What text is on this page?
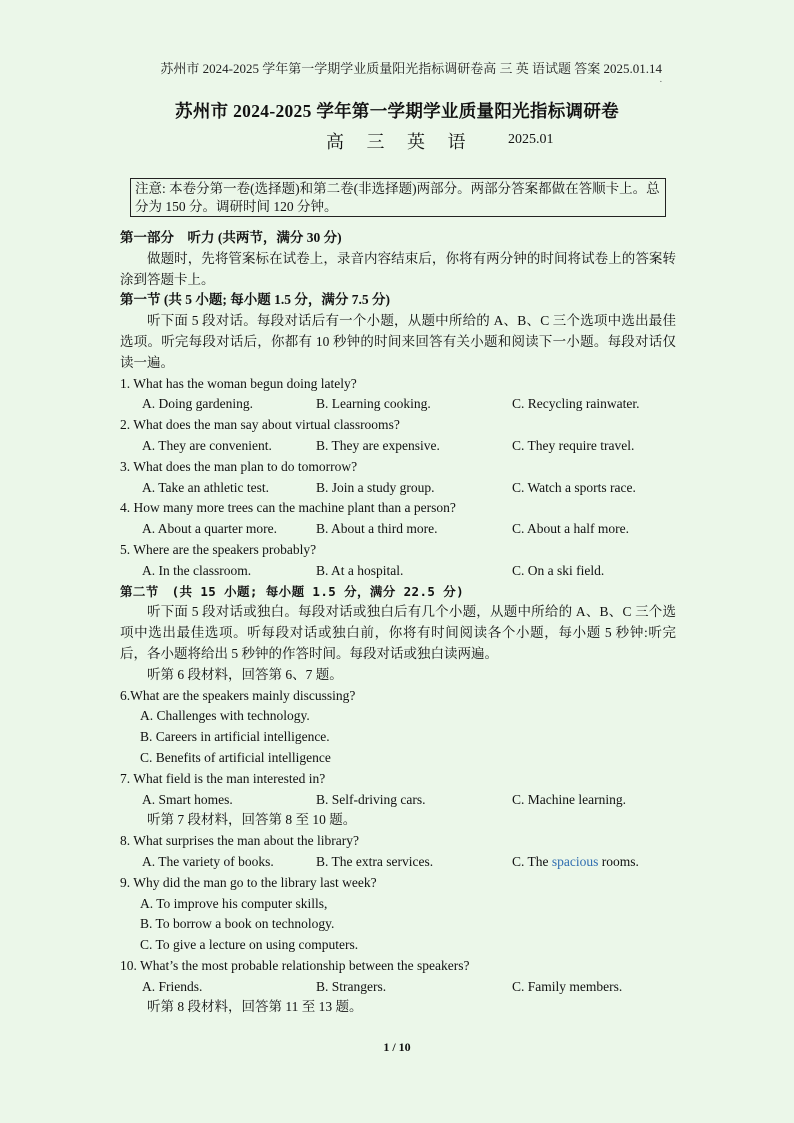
苏州市 2024-2025 学年第一学期学业质量阳光指标调研卷高 三 英 语试题 答案 2025.01.14
.
苏州市 2024-2025 学年第一学期学业质量阳光指标调研卷
高 三 英 语 2025.01
注意: 本卷分第一卷(选择题)和第二卷(非选择题)两部分。两部分答案都做在答顺卡上。总分为 150 分。调研时间 120 分钟。
第一部分　听力 (共两节，满分 30 分)
做题时，先将管案标在试卷上，录音内容结束后，你将有两分钟的时间将试卷上的答案转涂到答题卡上。
第一节 (共 5 小题; 每小题 1.5 分，满分 7.5 分)
听下面 5 段对话。每段对话后有一个小题，从题中所给的 A、B、C 三个选项中选出最佳选项。听完每段对话后，你都有 10 秒钟的时间来回答有关小题和阅读下一小题。每段对话仅读一遍。
1. What has the woman begun doing lately?
A. Doing gardening.	B. Learning cooking.	C. Recycling rainwater.
2. What does the man say about virtual classrooms?
A. They are convenient.	B. They are expensive.	C. They require travel.
3. What does the man plan to do tomorrow?
A. Take an athletic test.	B. Join a study group.	C. Watch a sports race.
4. How many more trees can the machine plant than a person?
A. About a quarter more.	B. About a third more.	C. About a half more.
5. Where are the speakers probably?
A. In the classroom.	B. At a hospital.	C. On a ski field.
第二节　(共 15 小题; 每小题 1.5 分，满分 22.5 分)
听下面 5 段对话或独白。每段对话或独白后有几个小题，从题中所给的 A、B、C 三个选项中选出最佳选项。听每段对话或独白前，你将有时间阅读各个小题，每小题 5 秒钟:听完后，各小题将给出 5 秒钟的作答时间。每段对话或独白读两遍。
听第 6 段材料，回答第 6、7 题。
6.What are the speakers mainly discussing?
A. Challenges with technology.
B. Careers in artificial intelligence.
C. Benefits of artificial intelligence
7. What field is the man interested in?
A. Smart homes.	B. Self-driving cars.	C. Machine learning.
听第 7 段材料，回答第 8 至 10 题。
8. What surprises the man about the library?
A. The variety of books.	B. The extra services.	C. The spacious rooms.
9. Why did the man go to the library last week?
A. To improve his computer skills,
B. To borrow a book on technology.
C. To give a lecture on using computers.
10. What’s the most probable relationship between the speakers?
A. Friends.	B. Strangers.	C. Family members.
听第 8 段材料，回答第 11 至 13 题。
1 / 10
